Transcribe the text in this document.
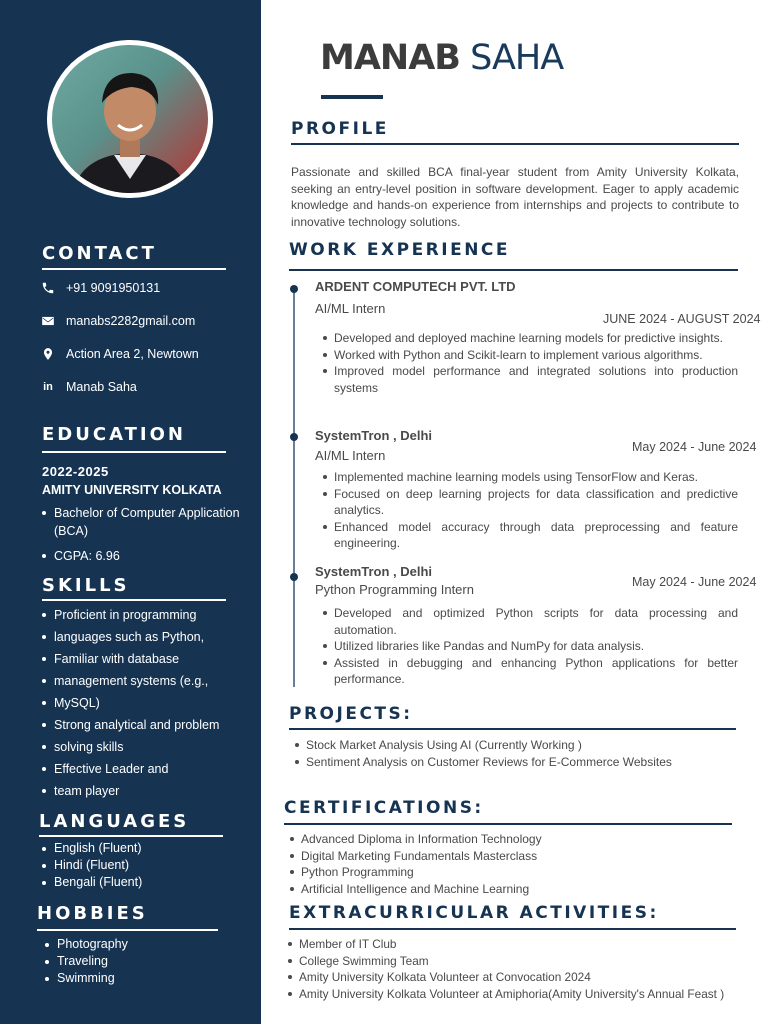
CONTACT
+91 9091950131
manabs2282gmail.com
Action Area 2, Newtown
in Manab Saha
EDUCATION
2022-2025
AMITY UNIVERSITY KOLKATA
Bachelor of Computer Application (BCA)
CGPA: 6.96
SKILLS
Proficient in programming
languages such as Python,
Familiar with database
management systems (e.g.,
MySQL)
Strong analytical and problem
solving skills
Effective Leader and
team player
LANGUAGES
English (Fluent)
Hindi (Fluent)
Bengali (Fluent)
HOBBIES
Photography
Traveling
Swimming
MANAB SAHA
PROFILE

Passionate and skilled BCA final-year student from Amity University Kolkata, seeking an entry-level position in software development. Eager to apply academic knowledge and hands-on experience from internships and projects to contribute to innovative technology solutions.

WORK EXPERIENCE
ARDENT COMPUTECH PVT. LTD
AI/ML Intern
JUNE 2024 - AUGUST 2024
Developed and deployed machine learning models for predictive insights.
Worked with Python and Scikit-learn to implement various algorithms.
Improved model performance and integrated solutions into production systems
SystemTron , Delhi
AI/ML Intern
May 2024 - June 2024
Implemented machine learning models using TensorFlow and Keras.
Focused on deep learning projects for data classification and predictive analytics.
Enhanced model accuracy through data preprocessing and feature engineering.
SystemTron , Delhi
Python Programming Intern	May 2024 - June 2024
Developed and optimized Python scripts for data processing and automation.
Utilized libraries like Pandas and NumPy for data analysis.
Assisted in debugging and enhancing Python applications for better performance.
PROJECTS:
Stock Market Analysis Using AI (Currently Working )
Sentiment Analysis on Customer Reviews for E-Commerce Websites
CERTIFICATIONS:
Advanced Diploma in Information Technology
Digital Marketing Fundamentals Masterclass
Python Programming
Artificial Intelligence and Machine Learning
EXTRACURRICULAR ACTIVITIES:
Member of IT Club
College Swimming Team
Amity University Kolkata Volunteer at Convocation 2024
Amity University Kolkata Volunteer at Amiphoria(Amity University's Annual Feast )
